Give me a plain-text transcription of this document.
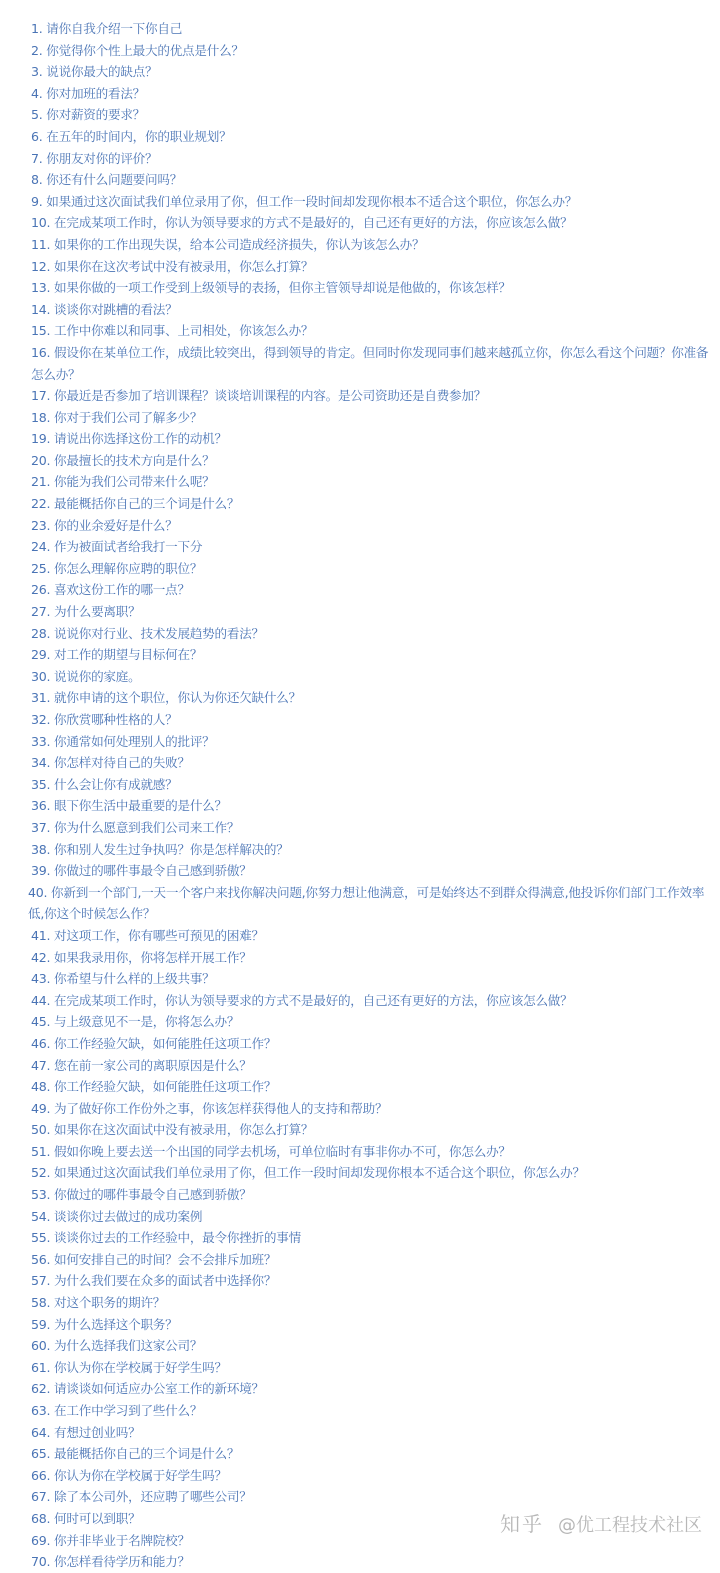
1. 请你自我介绍一下你自己
2. 你觉得你个性上最大的优点是什么？
3. 说说你最大的缺点？
4. 你对加班的看法？
5. 你对薪资的要求？
6. 在五年的时间内，你的职业规划？
7. 你朋友对你的评价？
8. 你还有什么问题要问吗？
9. 如果通过这次面试我们单位录用了你，但工作一段时间却发现你根本不适合这个职位，你怎么办？
10. 在完成某项工作时，你认为领导要求的方式不是最好的，自己还有更好的方法，你应该怎么做？
11. 如果你的工作出现失误，给本公司造成经济损失，你认为该怎么办？
12. 如果你在这次考试中没有被录用，你怎么打算？
13. 如果你做的一项工作受到上级领导的表扬，但你主管领导却说是他做的，你该怎样？
14. 谈谈你对跳槽的看法？
15. 工作中你难以和同事、上司相处，你该怎么办？
16. 假设你在某单位工作，成绩比较突出，得到领导的肯定。但同时你发现同事们越来越孤立你，你怎么看这个问题？你准备怎么办？
17. 你最近是否参加了培训课程？谈谈培训课程的内容。是公司资助还是自费参加？
18. 你对于我们公司了解多少？
19. 请说出你选择这份工作的动机？
20. 你最擅长的技术方向是什么？
21. 你能为我们公司带来什么呢？
22. 最能概括你自己的三个词是什么？
23. 你的业余爱好是什么？
24. 作为被面试者给我打一下分
25. 你怎么理解你应聘的职位？
26. 喜欢这份工作的哪一点？
27. 为什么要离职？
28. 说说你对行业、技术发展趋势的看法？
29. 对工作的期望与目标何在？
30. 说说你的家庭。
31. 就你申请的这个职位，你认为你还欠缺什么？
32. 你欣赏哪种性格的人？
33. 你通常如何处理别人的批评？
34. 你怎样对待自己的失败？
35. 什么会让你有成就感？
36. 眼下你生活中最重要的是什么？
37. 你为什么愿意到我们公司来工作？
38. 你和别人发生过争执吗？你是怎样解决的？
39. 你做过的哪件事最令自己感到骄傲？
40. 你新到一个部门,一天一个客户来找你解决问题,你努力想让他满意，可是始终达不到群众得满意,他投诉你们部门工作效率低,你这个时候怎么作？
41. 对这项工作，你有哪些可预见的困难？
42. 如果我录用你，你将怎样开展工作？
43. 你希望与什么样的上级共事？
44. 在完成某项工作时，你认为领导要求的方式不是最好的，自己还有更好的方法，你应该怎么做？
45. 与上级意见不一是，你将怎么办？
46. 你工作经验欠缺，如何能胜任这项工作？
47. 您在前一家公司的离职原因是什么？
48. 你工作经验欠缺，如何能胜任这项工作？
49. 为了做好你工作份外之事，你该怎样获得他人的支持和帮助？
50. 如果你在这次面试中没有被录用，你怎么打算？
51. 假如你晚上要去送一个出国的同学去机场，可单位临时有事非你办不可，你怎么办？
52. 如果通过这次面试我们单位录用了你，但工作一段时间却发现你根本不适合这个职位，你怎么办？
53. 你做过的哪件事最令自己感到骄傲？
54. 谈谈你过去做过的成功案例
55. 谈谈你过去的工作经验中，最令你挫折的事情
56. 如何安排自己的时间？会不会排斥加班？
57. 为什么我们要在众多的面试者中选择你？
58. 对这个职务的期许？
59. 为什么选择这个职务？
60. 为什么选择我们这家公司？
61. 你认为你在学校属于好学生吗？
62. 请谈谈如何适应办公室工作的新环境？
63. 在工作中学习到了些什么？
64. 有想过创业吗？
65. 最能概括你自己的三个词是什么？
66. 你认为你在学校属于好学生吗？
67. 除了本公司外，还应聘了哪些公司？
68. 何时可以到职？
69. 你并非毕业于名牌院校？
70. 你怎样看待学历和能力？
知乎 @优工程技术社区
